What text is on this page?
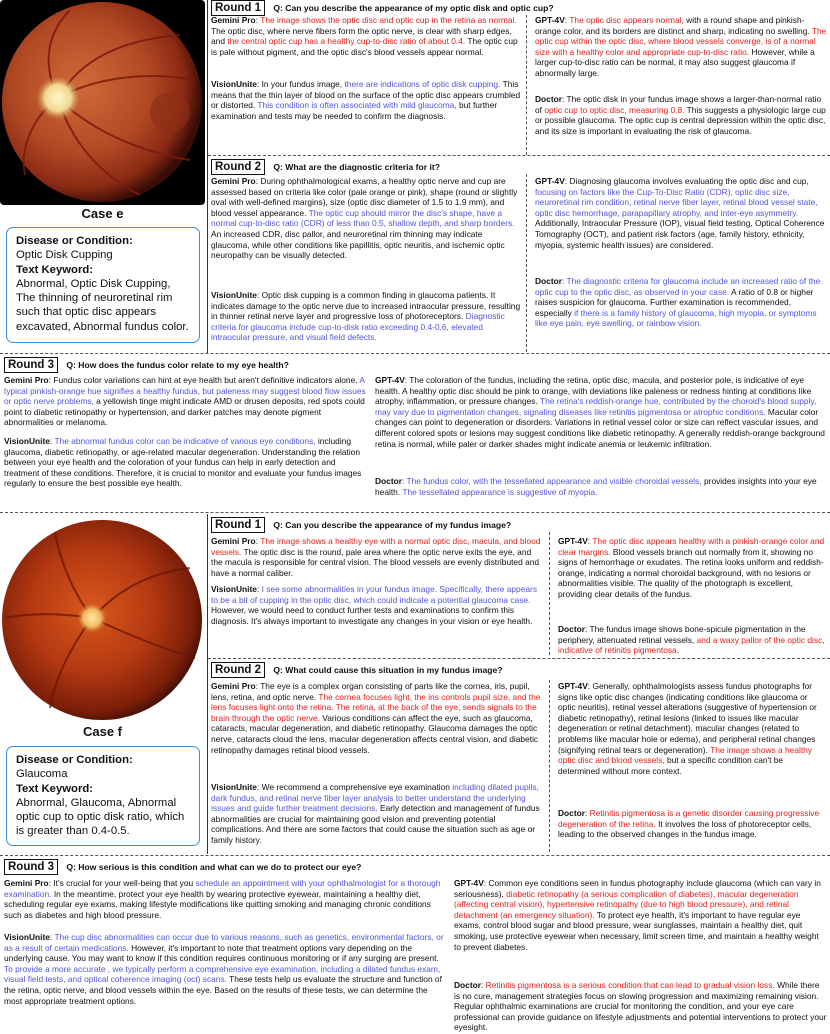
Case e
Disease or Condition:
Optic Disk Cupping
Text Keyword:
Abnormal, Optic Disk Cupping, The thinning of neuroretinal rim such that optic disc appears excavated, Abnormal fundus color.
Round 1 Q: Can you describe the appearance of my optic disk and optic cup?
Gemini Pro: The image shows the optic disc and optic cup in the retina as normal. The optic disc, where nerve fibers form the optic nerve, is clear with sharp edges, and the central optic cup has a healthy cup-to-disc ratio of about 0.4. The optic cup is pale without pigment, and the optic disc's blood vessels appear normal.
VisionUnite: In your fundus image, there are indications of optic disk cupping. This means that the thin layer of blood on the surface of the optic disc appears crumbled or distorted. This condition is often associated with mild glaucoma, but further examination and tests may be needed to confirm the diagnosis.
GPT-4V: The optic disc appears normal, with a round shape and pinkish-orange color, and its borders are distinct and sharp, indicating no swelling. The optic cup within the optic disc, where blood vessels converge, is of a normal size with a healthy color and appropriate cup-to-disc ratio. However, while a larger cup-to-disc ratio can be normal, it may also suggest glaucoma if abnormally large.
Doctor: The optic disk in your fundus image shows a larger-than-normal ratio of optic cup to optic disc, measuring 0.8. This suggests a physiologic large cup or possible glaucoma. The optic cup is central depression within the optic disc, and its size is important in evaluating the risk of glaucoma.
Round 2 Q: What are the diagnostic criteria for it?
Gemini Pro: During ophthalmological exams, a healthy optic nerve and cup are assessed based on criteria like color (pale orange or pink), shape (round or slightly oval with well-defined margins), size (optic disc diameter of 1.5 to 1.9 mm), and blood vessel appearance. The optic cup should mirror the disc's shape, have a normal cup-to-disc ratio (CDR) of less than 0.5, shallow depth, and sharp borders. An increased CDR, disc pallor, and neuroretinal rim thinning may indicate glaucoma, while other conditions like papillitis, optic neuritis, and ischemic optic neuropathy can be visually detected.
VisionUnite: Optic disk cupping is a common finding in glaucoma patients. It indicates damage to the optic nerve due to increased intraocular pressure, resulting in thinner retinal nerve layer and progressive loss of photoreceptors. Diagnostic criteria for glaucoma include cup-to-disk ratio exceeding 0.4-0.6, elevated intraocular pressure, and visual field defects.
GPT-4V: Diagnosing glaucoma involves evaluating the optic disc and cup, focusing on factors like the Cup-To-Disc Ratio (CDR), optic disc size, neuroretinal rim condition, retinal nerve fiber layer, retinal blood vessel state, optic disc hemorrhage, parapapillary atrophy, and inter-eye asymmetry. Additionally, Intraocular Pressure (IOP), visual field testing, Optical Coherence Tomography (OCT), and patient risk factors (age, family history, ethnicity, myopia, systemic health issues) are considered.
Doctor: The diagnostic criteria for glaucoma include an increased ratio of the optic cup to the optic disc, as observed in your case. A ratio of 0.8 or higher raises suspicion for glaucoma. Further examination is recommended, especially if there is a family history of glaucoma, high myopia, or symptoms like eye pain, eye swelling, or rainbow vision.
Round 3 Q: How does the fundus color relate to my eye health?
Gemini Pro: Fundus color variations can hint at eye health but aren't definitive indicators alone. A typical pinkish-orange hue signifies a healthy fundus, but paleness may suggest blood flow issues or optic nerve problems, a yellowish tinge might indicate AMD or drusen deposits, red spots could point to diabetic retinopathy or hypertension, and darker patches may denote pigment abnormalities or melanoma.
VisionUnite: The abnormal fundus color can be indicative of various eye conditions, including glaucoma, diabetic retinopathy, or age-related macular degeneration. Understanding the relation between your eye health and the coloration of your fundus can help in early detection and treatment of these conditions. Therefore, it is crucial to monitor and evaluate your fundus images regularly to ensure the best possible eye health.
GPT-4V: The coloration of the fundus, including the retina, optic disc, macula, and posterior pole, is indicative of eye health. A healthy optic disc should be pink to orange, with deviations like paleness or redness hinting at conditions like atrophy, inflammation, or pressure changes. The retina's reddish-orange hue, contributed by the choroid's blood supply, may vary due to pigmentation changes, signaling diseases like retinitis pigmentosa or atrophic conditions. Macular color changes can point to degeneration or disorders. Variations in retinal vessel color or size can reflect vascular issues, and different colored spots or lesions may suggest conditions like diabetic retinopathy. A generally reddish-orange background retina is normal, while paler or darker shades might indicate anemia or leukemic infiltration.
Doctor: The fundus color, with the tessellated appearance and visible choroidal vessels, provides insights into your eye health. The tessellated appearance is suggestive of myopia.
Case f
Disease or Condition:
Glaucoma
Text Keyword:
Abnormal, Glaucoma, Abnormal optic cup to optic disk ratio, which is greater than 0.4-0.5.
Round 1 Q: Can you describe the appearance of my fundus image?
Gemini Pro: The image shows a healthy eye with a normal optic disc, macula, and blood vessels. The optic disc is the round, pale area where the optic nerve exits the eye, and the macula is responsible for central vision. The blood vessels are evenly distributed and have a normal caliber.
VisionUnite: I see some abnormalities in your fundus image. Specifically, there appears to be a bit of cupping in the optic disc, which could indicate a potential glaucoma case. However, we would need to conduct further tests and examinations to confirm this diagnosis. It's always important to investigate any changes in your vision or eye health.
GPT-4V: The optic disc appears healthy with a pinkish-orange color and clear margins. Blood vessels branch out normally from it, showing no signs of hemorrhage or exudates. The retina looks uniform and reddish-orange, indicating a normal choroidal background, with no lesions or abnormalities visible. The quality of the photograph is excellent, providing clear details of the fundus.
Doctor: The fundus image shows bone-spicule pigmentation in the periphery, attenuated retinal vessels, and a waxy pallor of the optic disc, indicative of retinitis pigmentosa.
Round 2 Q: What could cause this situation in my fundus image?
Gemini Pro: The eye is a complex organ consisting of parts like the cornea, iris, pupil, lens, retina, and optic nerve. The cornea focuses light, the iris controls pupil size, and the lens focuses light onto the retina. The retina, at the back of the eye, sends signals to the brain through the optic nerve. Various conditions can affect the eye, such as glaucoma, cataracts, macular degeneration, and diabetic retinopathy. Glaucoma damages the optic nerve, cataracts cloud the lens, macular degeneration affects central vision, and diabetic retinopathy damages retinal blood vessels.
VisionUnite: We recommend a comprehensive eye examination including dilated pupils, dark fundus, and retinal nerve fiber layer analysis to better understand the underlying issues and guide further treatment decisions. Early detection and management of fundus abnormalities are crucial for maintaining good vision and preventing potential complications. And there are some factors that could cause the situation such as age or family history.
GPT-4V: Generally, ophthalmologists assess fundus photographs for signs like optic disc changes (indicating conditions like glaucoma or optic neuritis), retinal vessel alterations (suggestive of hypertension or diabetic retinopathy), retinal lesions (linked to issues like macular degeneration or retinal detachment), macular changes (related to problems like macular hole or edema), and peripheral retinal changes (signifying retinal tears or degeneration). The image shows a healthy optic disc and blood vessels, but a specific condition can't be determined without more context.
Doctor: Retinitis pigmentosa is a genetic disorder causing progressive degeneration of the retina. It involves the loss of photoreceptor cells, leading to the observed changes in the fundus image.
Round 3 Q: How serious is this condition and what can we do to protect our eye?
Gemini Pro: It's crucial for your well-being that you schedule an appointment with your ophthalmologist for a thorough examination. In the meantime, protect your eye health by wearing protective eyewear, maintaining a healthy diet, scheduling regular eye exams, making lifestyle modifications like quitting smoking and managing chronic conditions such as diabetes and high blood pressure.
VisionUnite: The cup disc abnormalities can occur due to various reasons, such as genetics, environmental factors, or as a result of certain medications. However, it's important to note that treatment options vary depending on the underlying cause. You may want to know if this condition requires continuous monitoring or if any surging are present. To provide a more accurate , we typically perform a comprehensive eye examination, including a dilated fundus exam, visual field tests, and optical coherence imaging (oct) scans. These tests help us evaluate the structure and function of the retina, optic nerve, and blood vessels within the eye. Based on the results of these tests, we can determine the most appropriate treatment options.
GPT-4V: Common eye conditions seen in fundus photography include glaucoma (which can vary in seriousness), diabetic retinopathy (a serious complication of diabetes), macular degeneration (affecting central vision), hypertensive retinopathy (due to high blood pressure), and retinal detachment (an emergency situation). To protect eye health, it's important to have regular eye exams, control blood sugar and blood pressure, wear sunglasses, maintain a healthy diet, quit smoking, use protective eyewear when necessary, limit screen time, and maintain a healthy weight to prevent diabetes.
Doctor: Retinitis pigmentosa is a serious condition that can lead to gradual vision loss. While there is no cure, management strategies focus on slowing progression and maximizing remaining vision. Regular ophthalmic examinations are crucial for monitoring the condition, and your eye care professional can provide guidance on lifestyle adjustments and potential interventions to protect your eyesight.
